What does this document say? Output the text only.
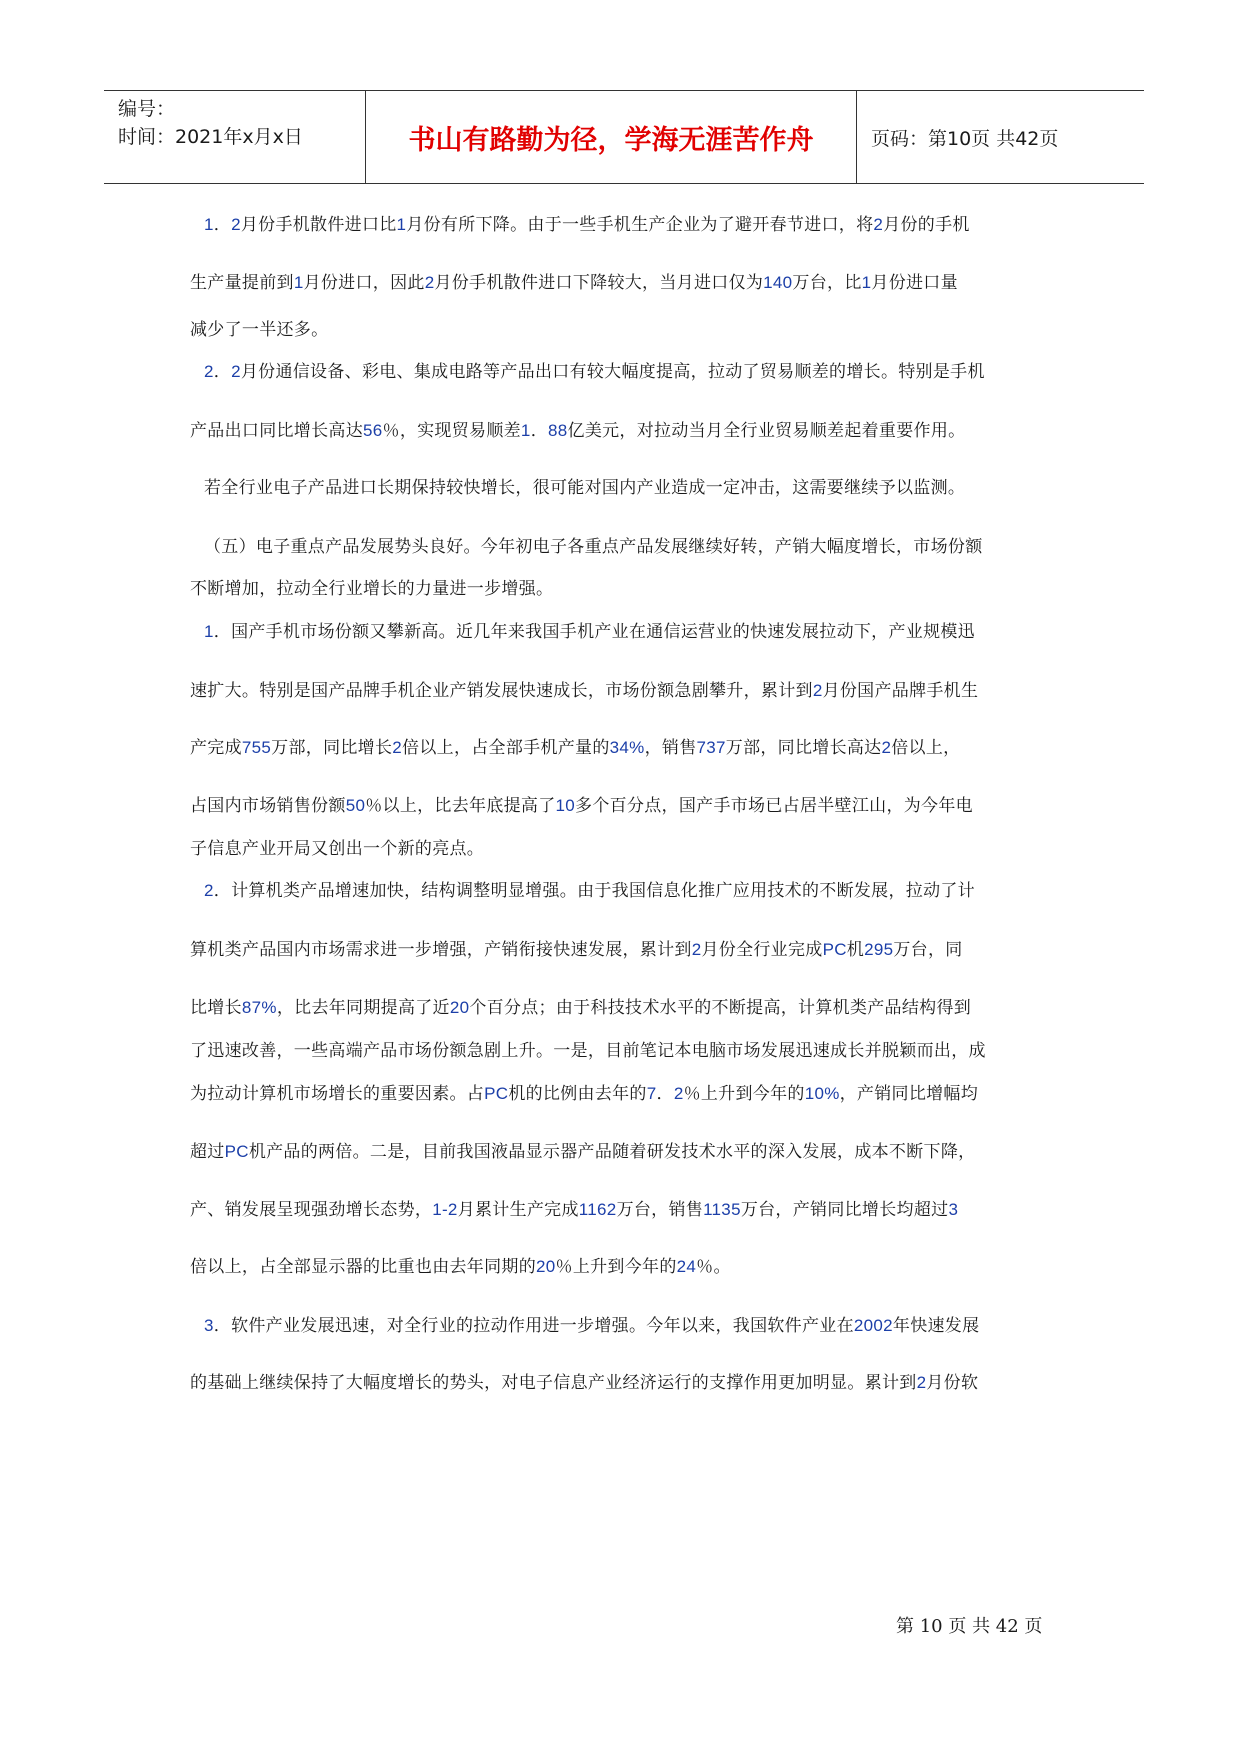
编号：
时间：2021年x月x日	书山有路勤为径，学海无涯苦作舟	页码：第10页 共42页
1．2月份手机散件进口比1月份有所下降。由于一些手机生产企业为了避开春节进口，将2月份的手机
生产量提前到1月份进口，因此2月份手机散件进口下降较大，当月进口仅为140万台，比1月份进口量
减少了一半还多。
2．2月份通信设备、彩电、集成电路等产品出口有较大幅度提高，拉动了贸易顺差的增长。特别是手机
产品出口同比增长高达56％，实现贸易顺差1．88亿美元，对拉动当月全行业贸易顺差起着重要作用。
若全行业电子产品进口长期保持较快增长，很可能对国内产业造成一定冲击，这需要继续予以监测。
（五）电子重点产品发展势头良好。今年初电子各重点产品发展继续好转，产销大幅度增长，市场份额
不断增加，拉动全行业增长的力量进一步增强。
1．国产手机市场份额又攀新高。近几年来我国手机产业在通信运营业的快速发展拉动下，产业规模迅
速扩大。特别是国产品牌手机企业产销发展快速成长，市场份额急剧攀升，累计到2月份国产品牌手机生
产完成755万部，同比增长2倍以上，占全部手机产量的34%，销售737万部，同比增长高达2倍以上，
占国内市场销售份额50％以上，比去年底提高了10多个百分点，国产手市场已占居半壁江山，为今年电
子信息产业开局又创出一个新的亮点。
2．计算机类产品增速加快，结构调整明显增强。由于我国信息化推广应用技术的不断发展，拉动了计
算机类产品国内市场需求进一步增强，产销衔接快速发展，累计到2月份全行业完成PC机295万台，同
比增长87%，比去年同期提高了近20个百分点；由于科技技术水平的不断提高，计算机类产品结构得到
了迅速改善，一些高端产品市场份额急剧上升。一是，目前笔记本电脑市场发展迅速成长并脱颖而出，成
为拉动计算机市场增长的重要因素。占PC机的比例由去年的7．2％上升到今年的10%，产销同比增幅均
超过PC机产品的两倍。二是，目前我国液晶显示器产品随着研发技术水平的深入发展，成本不断下降，
产、销发展呈现强劲增长态势，1-2月累计生产完成1162万台，销售1135万台，产销同比增长均超过3
倍以上，占全部显示器的比重也由去年同期的20％上升到今年的24％。
3．软件产业发展迅速，对全行业的拉动作用进一步增强。今年以来，我国软件产业在2002年快速发展
的基础上继续保持了大幅度增长的势头，对电子信息产业经济运行的支撑作用更加明显。累计到2月份软
第 10 页 共 42 页
